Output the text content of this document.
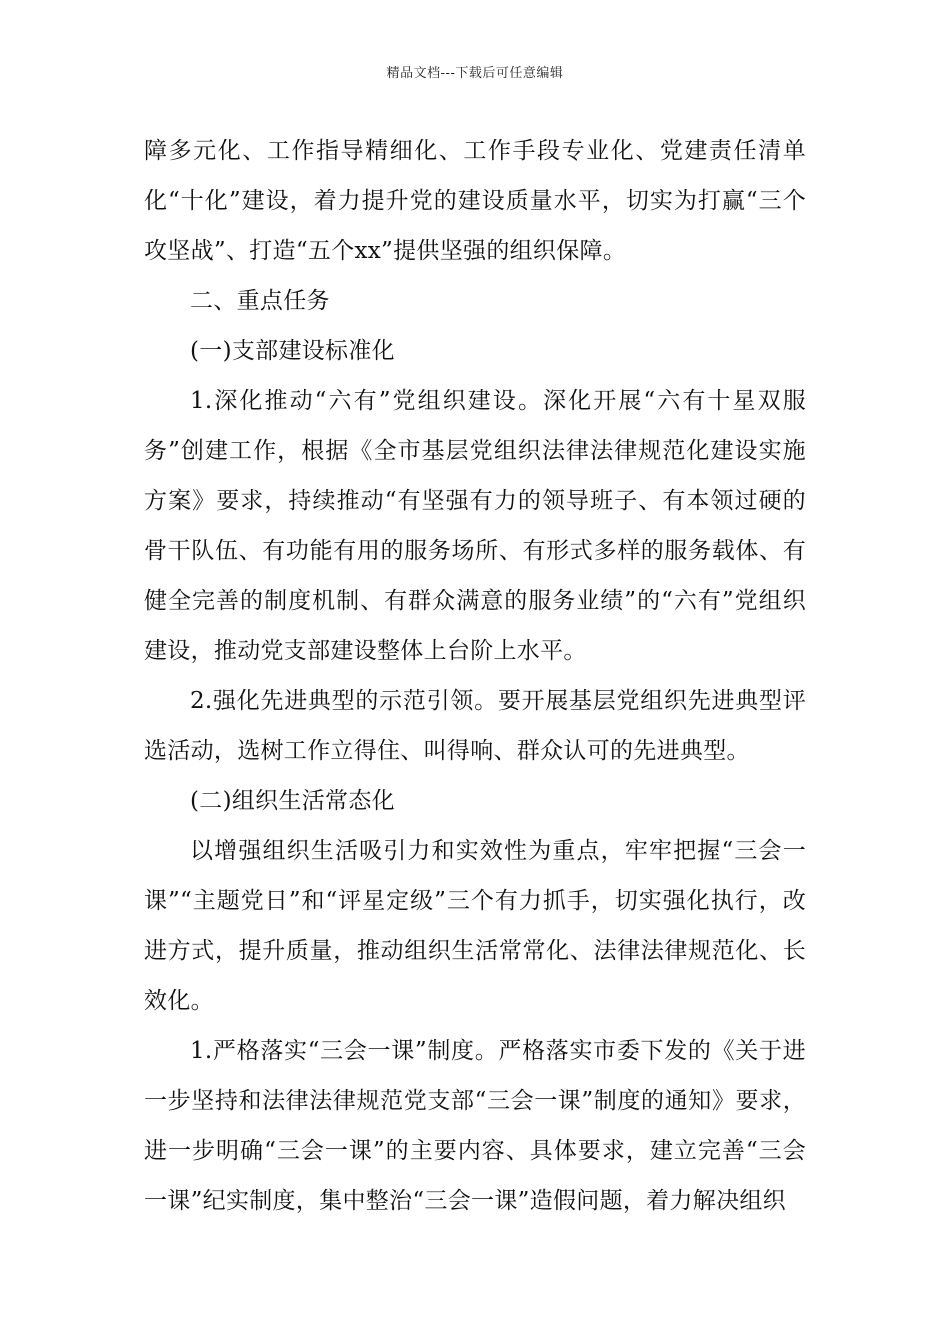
精品文档---下载后可任意编辑

障多元化、工作指导精细化、工作手段专业化、党建责任清单化“十化”建设，着力提升党的建设质量水平，切实为打赢“三个攻坚战”、打造“五个xx”提供坚强的组织保障。

二、重点任务

(一)支部建设标准化

1.深化推动“六有”党组织建设。深化开展“六有十星双服务”创建工作，根据《全市基层党组织法律法律规范化建设实施方案》要求，持续推动“有坚强有力的领导班子、有本领过硬的骨干队伍、有功能有用的服务场所、有形式多样的服务载体、有健全完善的制度机制、有群众满意的服务业绩”的“六有”党组织建设，推动党支部建设整体上台阶上水平。

2.强化先进典型的示范引领。要开展基层党组织先进典型评选活动，选树工作立得住、叫得响、群众认可的先进典型。

(二)组织生活常态化

以增强组织生活吸引力和实效性为重点，牢牢把握“三会一课”“主题党日”和“评星定级”三个有力抓手，切实强化执行，改进方式，提升质量，推动组织生活常常化、法律法律规范化、长效化。

1.严格落实“三会一课”制度。严格落实市委下发的《关于进一步坚持和法律法律规范党支部“三会一课”制度的通知》要求，进一步明确“三会一课”的主要内容、具体要求，建立完善“三会一课”纪实制度，集中整治“三会一课”造假问题，着力解决组织
